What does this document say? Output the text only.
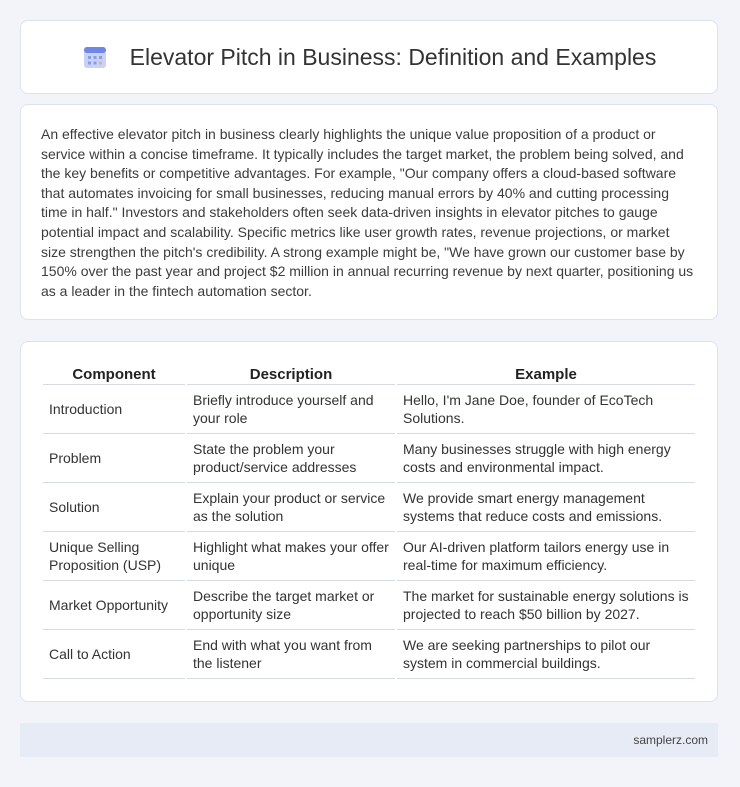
Elevator Pitch in Business: Definition and Examples

An effective elevator pitch in business clearly highlights the unique value proposition of a product or service within a concise timeframe. It typically includes the target market, the problem being solved, and the key benefits or competitive advantages. For example, "Our company offers a cloud-based software that automates invoicing for small businesses, reducing manual errors by 40% and cutting processing time in half." Investors and stakeholders often seek data-driven insights in elevator pitches to gauge potential impact and scalability. Specific metrics like user growth rates, revenue projections, or market size strengthen the pitch's credibility. A strong example might be, "We have grown our customer base by 150% over the past year and project $2 million in annual recurring revenue by next quarter, positioning us as a leader in the fintech automation sector.

Component	Description	Example
Introduction	Briefly introduce yourself and your role	Hello, I'm Jane Doe, founder of EcoTech Solutions.
Problem	State the problem your product/service addresses	Many businesses struggle with high energy costs and environmental impact.
Solution	Explain your product or service as the solution	We provide smart energy management systems that reduce costs and emissions.
Unique Selling Proposition (USP)	Highlight what makes your offer unique	Our AI-driven platform tailors energy use in real-time for maximum efficiency.
Market Opportunity	Describe the target market or opportunity size	The market for sustainable energy solutions is projected to reach $50 billion by 2027.
Call to Action	End with what you want from the listener	We are seeking partnerships to pilot our system in commercial buildings.
samplerz.com
